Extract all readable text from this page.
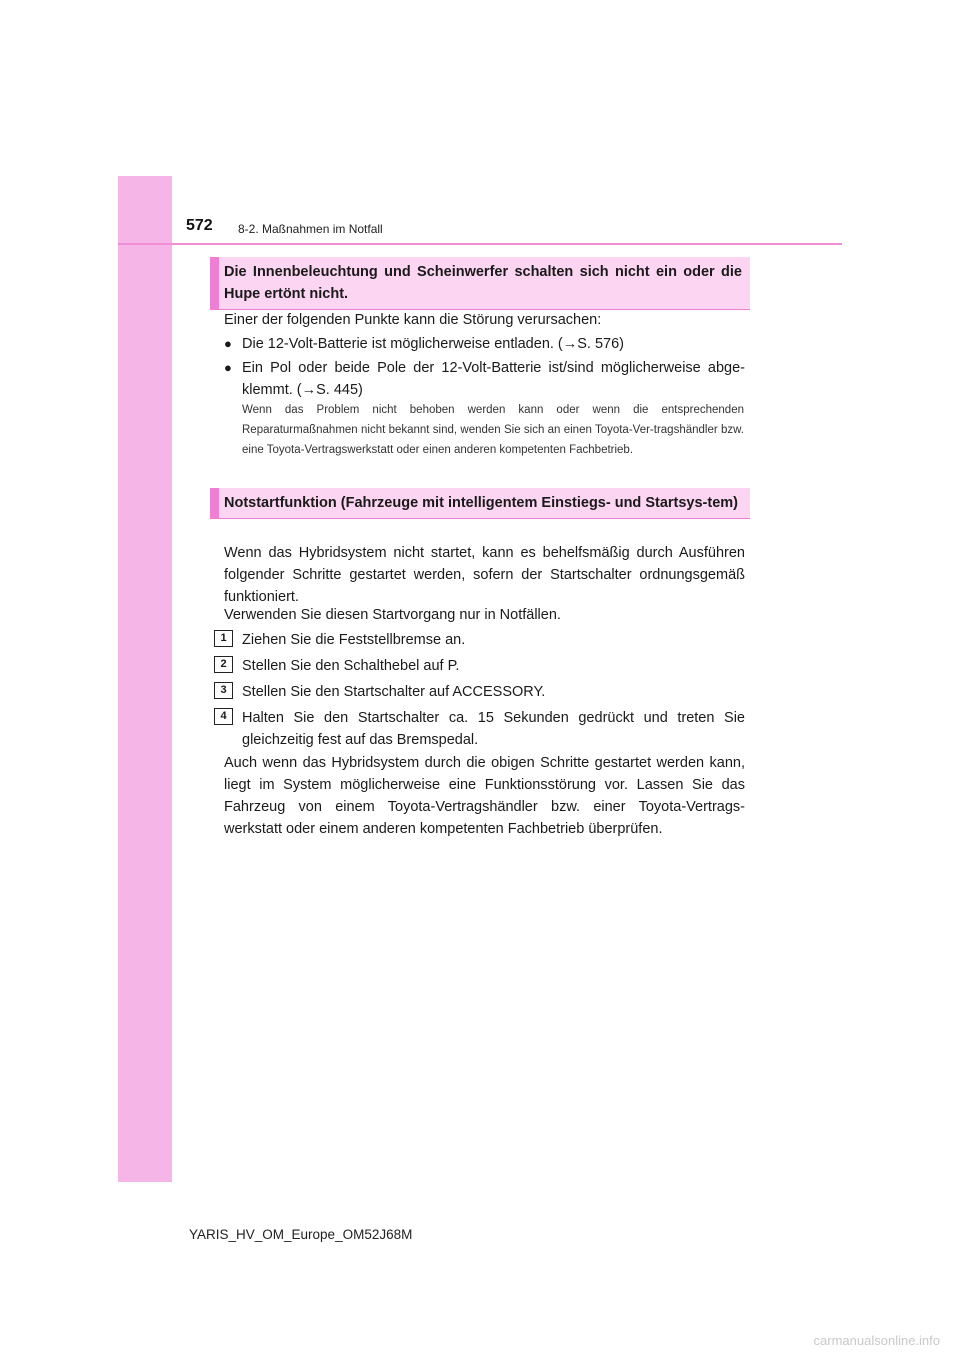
572 8-2. Maßnahmen im Notfall
Die Innenbeleuchtung und Scheinwerfer schalten sich nicht ein oder die Hupe ertönt nicht.
Einer der folgenden Punkte kann die Störung verursachen:
● Die 12-Volt-Batterie ist möglicherweise entladen. (→S. 576)
● Ein Pol oder beide Pole der 12-Volt-Batterie ist/sind möglicherweise abge-klemmt. (→S. 445)
Wenn das Problem nicht behoben werden kann oder wenn die entsprechenden Reparaturmaßnahmen nicht bekannt sind, wenden Sie sich an einen Toyota-Ver-tragshändler bzw. eine Toyota-Vertragswerkstatt oder einen anderen kompetenten Fachbetrieb.
Notstartfunktion (Fahrzeuge mit intelligentem Einstiegs- und Startsys-tem)
Wenn das Hybridsystem nicht startet, kann es behelfsmäßig durch Ausführen folgender Schritte gestartet werden, sofern der Startschalter ordnungsgemäß funktioniert.
Verwenden Sie diesen Startvorgang nur in Notfällen.
1	Ziehen Sie die Feststellbremse an.
2	Stellen Sie den Schalthebel auf P.
3	Stellen Sie den Startschalter auf ACCESSORY.
4	Halten Sie den Startschalter ca. 15 Sekunden gedrückt und treten Sie gleichzeitig fest auf das Bremspedal.
Auch wenn das Hybridsystem durch die obigen Schritte gestartet werden kann, liegt im System möglicherweise eine Funktionsstörung vor. Lassen Sie das Fahrzeug von einem Toyota-Vertragshändler bzw. einer Toyota-Vertrags-werkstatt oder einem anderen kompetenten Fachbetrieb überprüfen.
YARIS_HV_OM_Europe_OM52J68M
carmanualsonline.info
